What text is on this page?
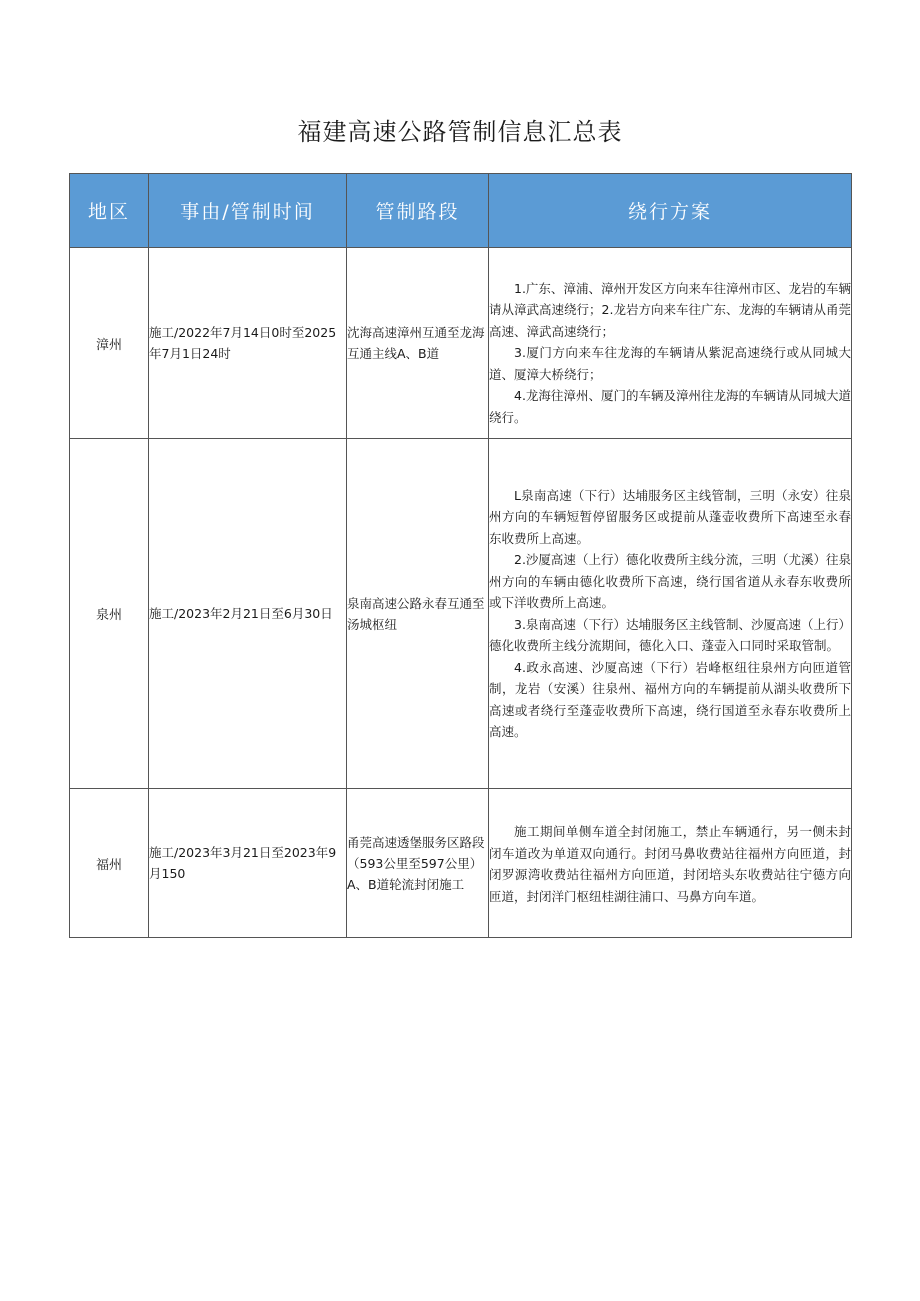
福建高速公路管制信息汇总表
地区	事由/管制时间	管制路段	绕行方案
漳州	施工/2022年7月14日0时至2025年7月1日24时	沈海高速漳州互通至龙海互通主线A、B道	1.广东、漳浦、漳州开发区方向来车往漳州市区、龙岩的车辆请从漳武高速绕行；2.龙岩方向来车往广东、龙海的车辆请从甬莞高速、漳武高速绕行；

3.厦门方向来车往龙海的车辆请从紫泥高速绕行或从同城大道、厦漳大桥绕行；

4.龙海往漳州、厦门的车辆及漳州往龙海的车辆请从同城大道绕行。

泉州	施工/2023年2月21日至6月30日	泉南高速公路永春互通至汤城枢纽	L泉南高速（下行）达埔服务区主线管制，三明（永安）往泉州方向的车辆短暂停留服务区或提前从蓬壶收费所下高速至永春东收费所上高速。

2.沙厦高速（上行）德化收费所主线分流，三明（尤溪）往泉州方向的车辆由德化收费所下高速，绕行国省道从永春东收费所或下洋收费所上高速。

3.泉南高速（下行）达埔服务区主线管制、沙厦高速（上行）德化收费所主线分流期间，德化入口、蓬壶入口同时采取管制。

4.政永高速、沙厦高速（下行）岩峰枢纽往泉州方向匝道管制，龙岩（安溪）往泉州、福州方向的车辆提前从湖头收费所下高速或者绕行至蓬壶收费所下高速，绕行国道至永春东收费所上高速。

福州	施工/2023年3月21日至2023年9月150	甬莞高速透堡服务区路段（593公里至597公里）A、B道轮流封闭施工	施工期间单侧车道全封闭施工，禁止车辆通行，另一侧未封闭车道改为单道双向通行。封闭马鼻收费站往福州方向匝道，封闭罗源湾收费站往福州方向匝道，封闭培头东收费站往宁德方向匝道，封闭洋门枢纽桂湖往浦口、马鼻方向车道。
